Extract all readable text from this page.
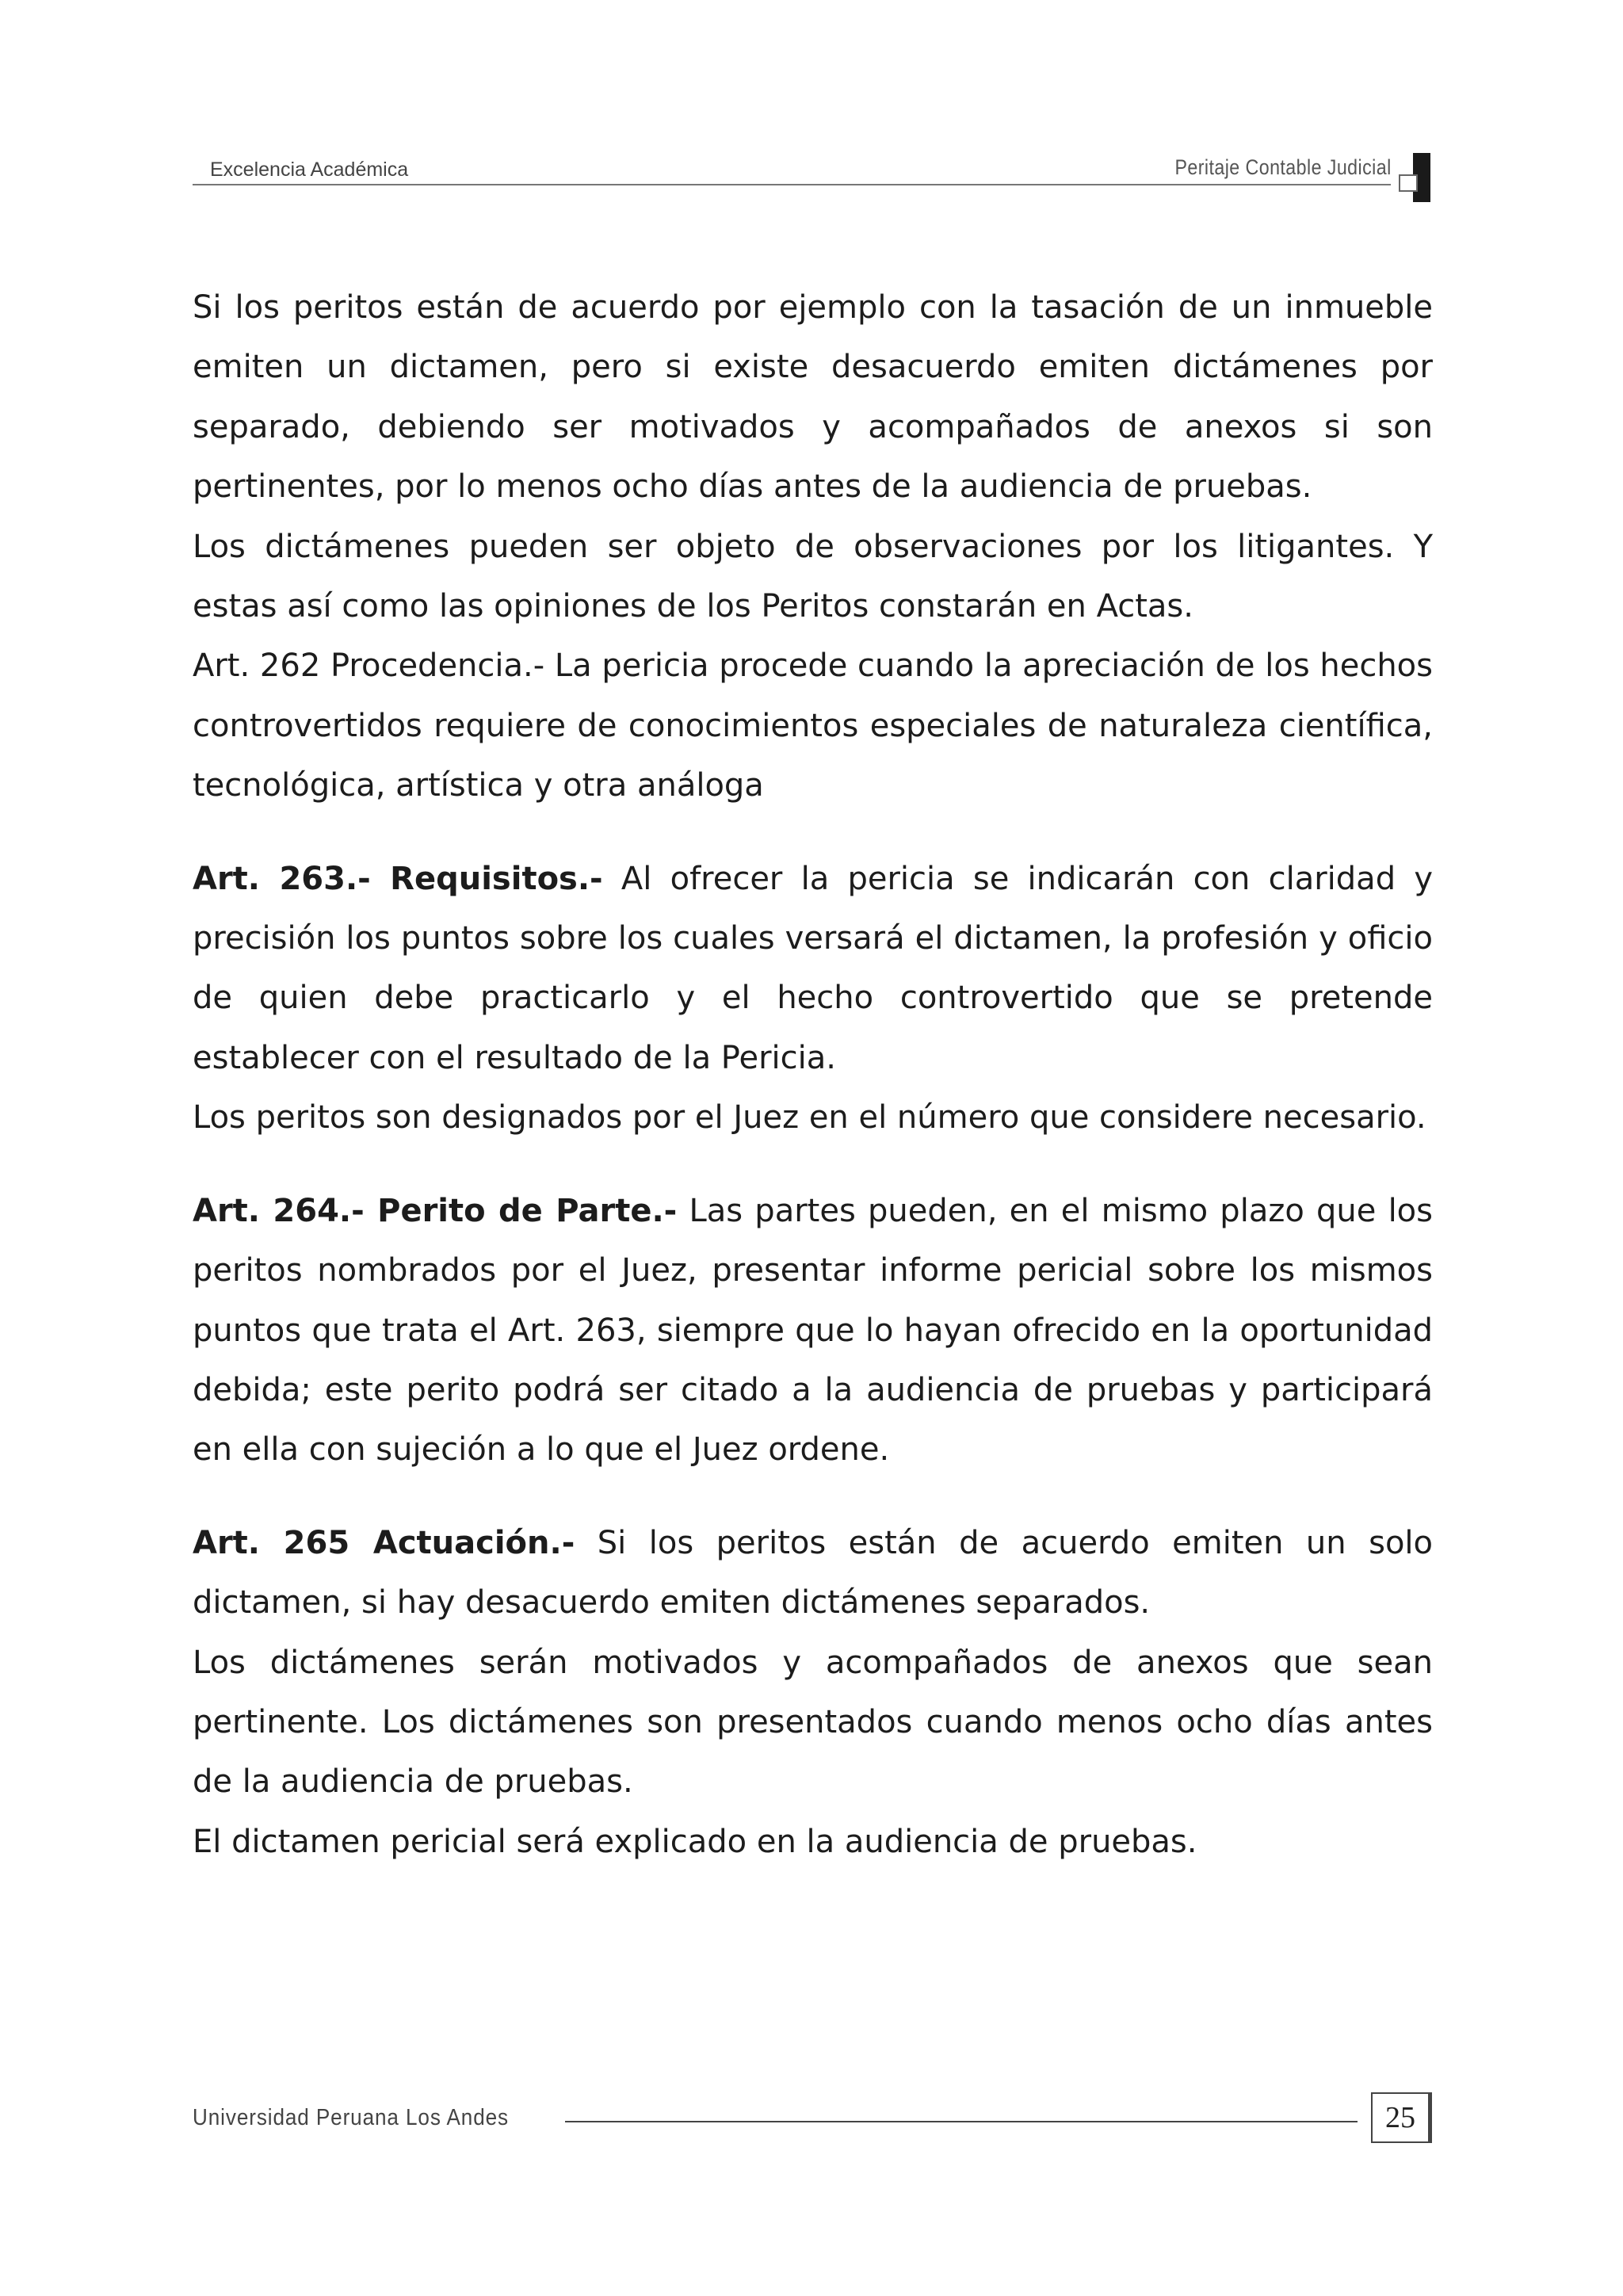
Excelencia Académica	Peritaje Contable Judicial

Si los peritos están de acuerdo por ejemplo con la tasación de un inmueble emiten un dictamen, pero si existe desacuerdo emiten dictámenes por separado, debiendo ser motivados y acompañados de anexos si son pertinentes, por lo menos ocho días antes de la audiencia de pruebas.

Los dictámenes pueden ser objeto de observaciones por los litigantes. Y estas así como las opiniones de los Peritos constarán en Actas.

Art. 262 Procedencia.- La pericia procede cuando la apreciación de los hechos controvertidos requiere de conocimientos especiales de naturaleza científica, tecnológica, artística y otra análoga

Art. 263.- Requisitos.- Al ofrecer la pericia se indicarán con claridad y precisión los puntos sobre los cuales versará el dictamen, la profesión y oficio de quien debe practicarlo y el hecho controvertido que se pretende establecer con el resultado de la Pericia.

Los peritos son designados por el Juez en el número que considere necesario.

Art. 264.- Perito de Parte.- Las partes pueden, en el mismo plazo que los peritos nombrados por el Juez, presentar informe pericial sobre los mismos puntos que trata el Art. 263, siempre que lo hayan ofrecido en la oportunidad debida; este perito podrá ser citado a la audiencia de pruebas y participará en ella con sujeción a lo que el Juez ordene.

Art. 265 Actuación.- Si los peritos están de acuerdo emiten un solo dictamen, si hay desacuerdo emiten dictámenes separados.

Los dictámenes serán motivados y acompañados de anexos que sean pertinente. Los dictámenes son presentados cuando menos ocho días antes de la audiencia de pruebas.

El dictamen pericial será explicado en la audiencia de pruebas.

Universidad Peruana Los Andes	25
